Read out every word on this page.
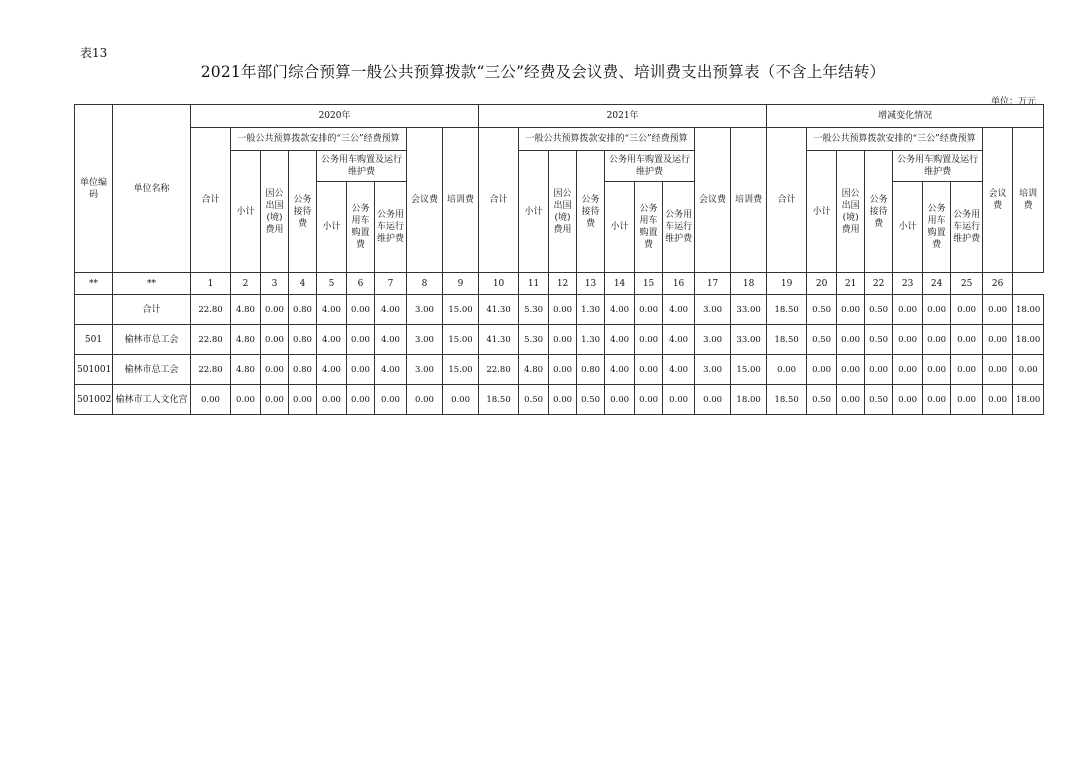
表13
2021年部门综合预算一般公共预算拨款“三公”经费及会议费、培训费支出预算表（不含上年结转）
单位：万元
单位编码	单位名称	2020年									2021年									增减变化情况								
		合计	一般公共预算拨款安排的“三公”经费预算						会议费	培训费	合计	一般公共预算拨款安排的“三公”经费预算						会议费	培训费	合计	一般公共预算拨款安排的“三公”经费预算						会议费	培训费
			小计	因公出国(境)费用	公务接待费	公务用车购置及运行维护费						小计	因公出国(境)费用	公务接待费	公务用车购置及运行维护费						小计	因公出国(境)费用	公务接待费	公务用车购置及运行维护费				
						小计	公务用车购置费	公务用车运行维护费							小计	公务用车购置费	公务用车运行维护费							小计	公务用车购置费	公务用车运行维护费		
**	**	1	2	3	4	5	6	7	8	9	10	11	12	13	14	15	16	17	18	19	20	21	22	23	24	25	26	
	合计	22.80	4.80	0.00	0.80	4.00	0.00	4.00	3.00	15.00	41.30	5.30	0.00	1.30	4.00	0.00	4.00	3.00	33.00	18.50	0.50	0.00	0.50	0.00	0.00	0.00	0.00	18.00
501	榆林市总工会	22.80	4.80	0.00	0.80	4.00	0.00	4.00	3.00	15.00	41.30	5.30	0.00	1.30	4.00	0.00	4.00	3.00	33.00	18.50	0.50	0.00	0.50	0.00	0.00	0.00	0.00	18.00
501001	榆林市总工会	22.80	4.80	0.00	0.80	4.00	0.00	4.00	3.00	15.00	22.80	4.80	0.00	0.80	4.00	0.00	4.00	3.00	15.00	0.00	0.00	0.00	0.00	0.00	0.00	0.00	0.00	0.00
501002	榆林市工人文化宫	0.00	0.00	0.00	0.00	0.00	0.00	0.00	0.00	0.00	18.50	0.50	0.00	0.50	0.00	0.00	0.00	0.00	18.00	18.50	0.50	0.00	0.50	0.00	0.00	0.00	0.00	18.00
